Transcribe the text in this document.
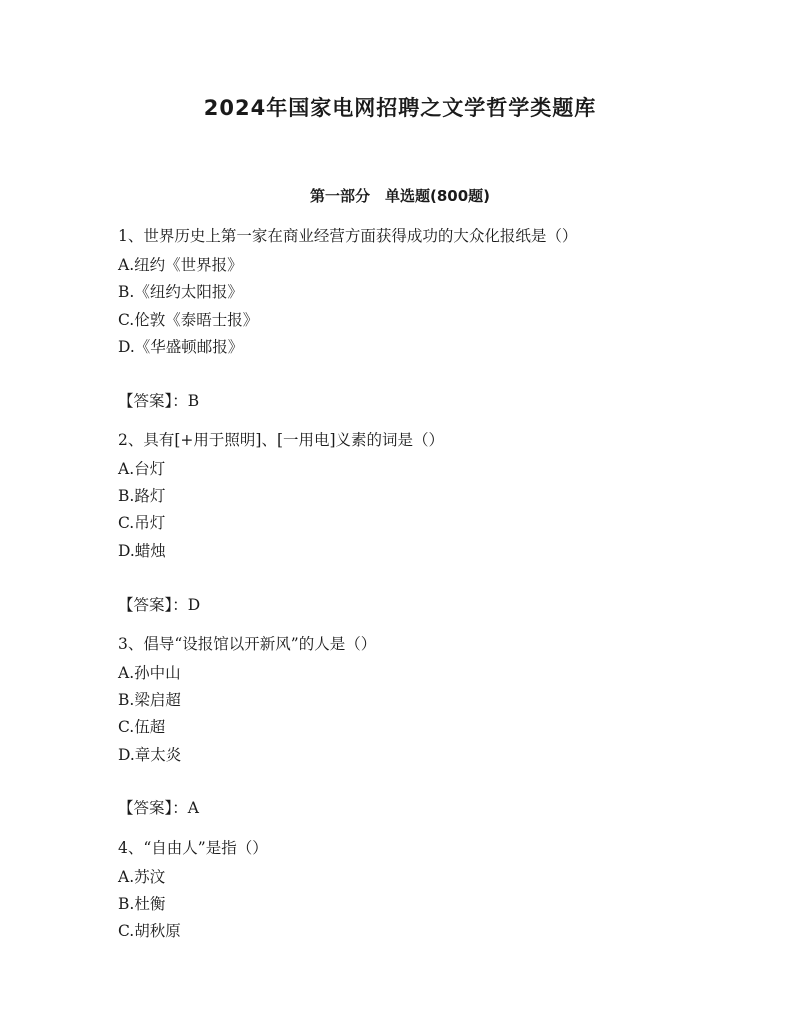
2024年国家电网招聘之文学哲学类题库
第一部分　单选题(800题)
1、世界历史上第一家在商业经营方面获得成功的大众化报纸是（）
A.纽约《世界报》
B.《纽约太阳报》
C.伦敦《泰晤士报》
D.《华盛顿邮报》
【答案】：B
2、具有[+用于照明]、[一用电]义素的词是（）
A.台灯
B.路灯
C.吊灯
D.蜡烛
【答案】：D
3、倡导“设报馆以开新风”的人是（）
A.孙中山
B.梁启超
C.伍超
D.章太炎
【答案】：A
4、“自由人”是指（）
A.苏汶
B.杜衡
C.胡秋原
